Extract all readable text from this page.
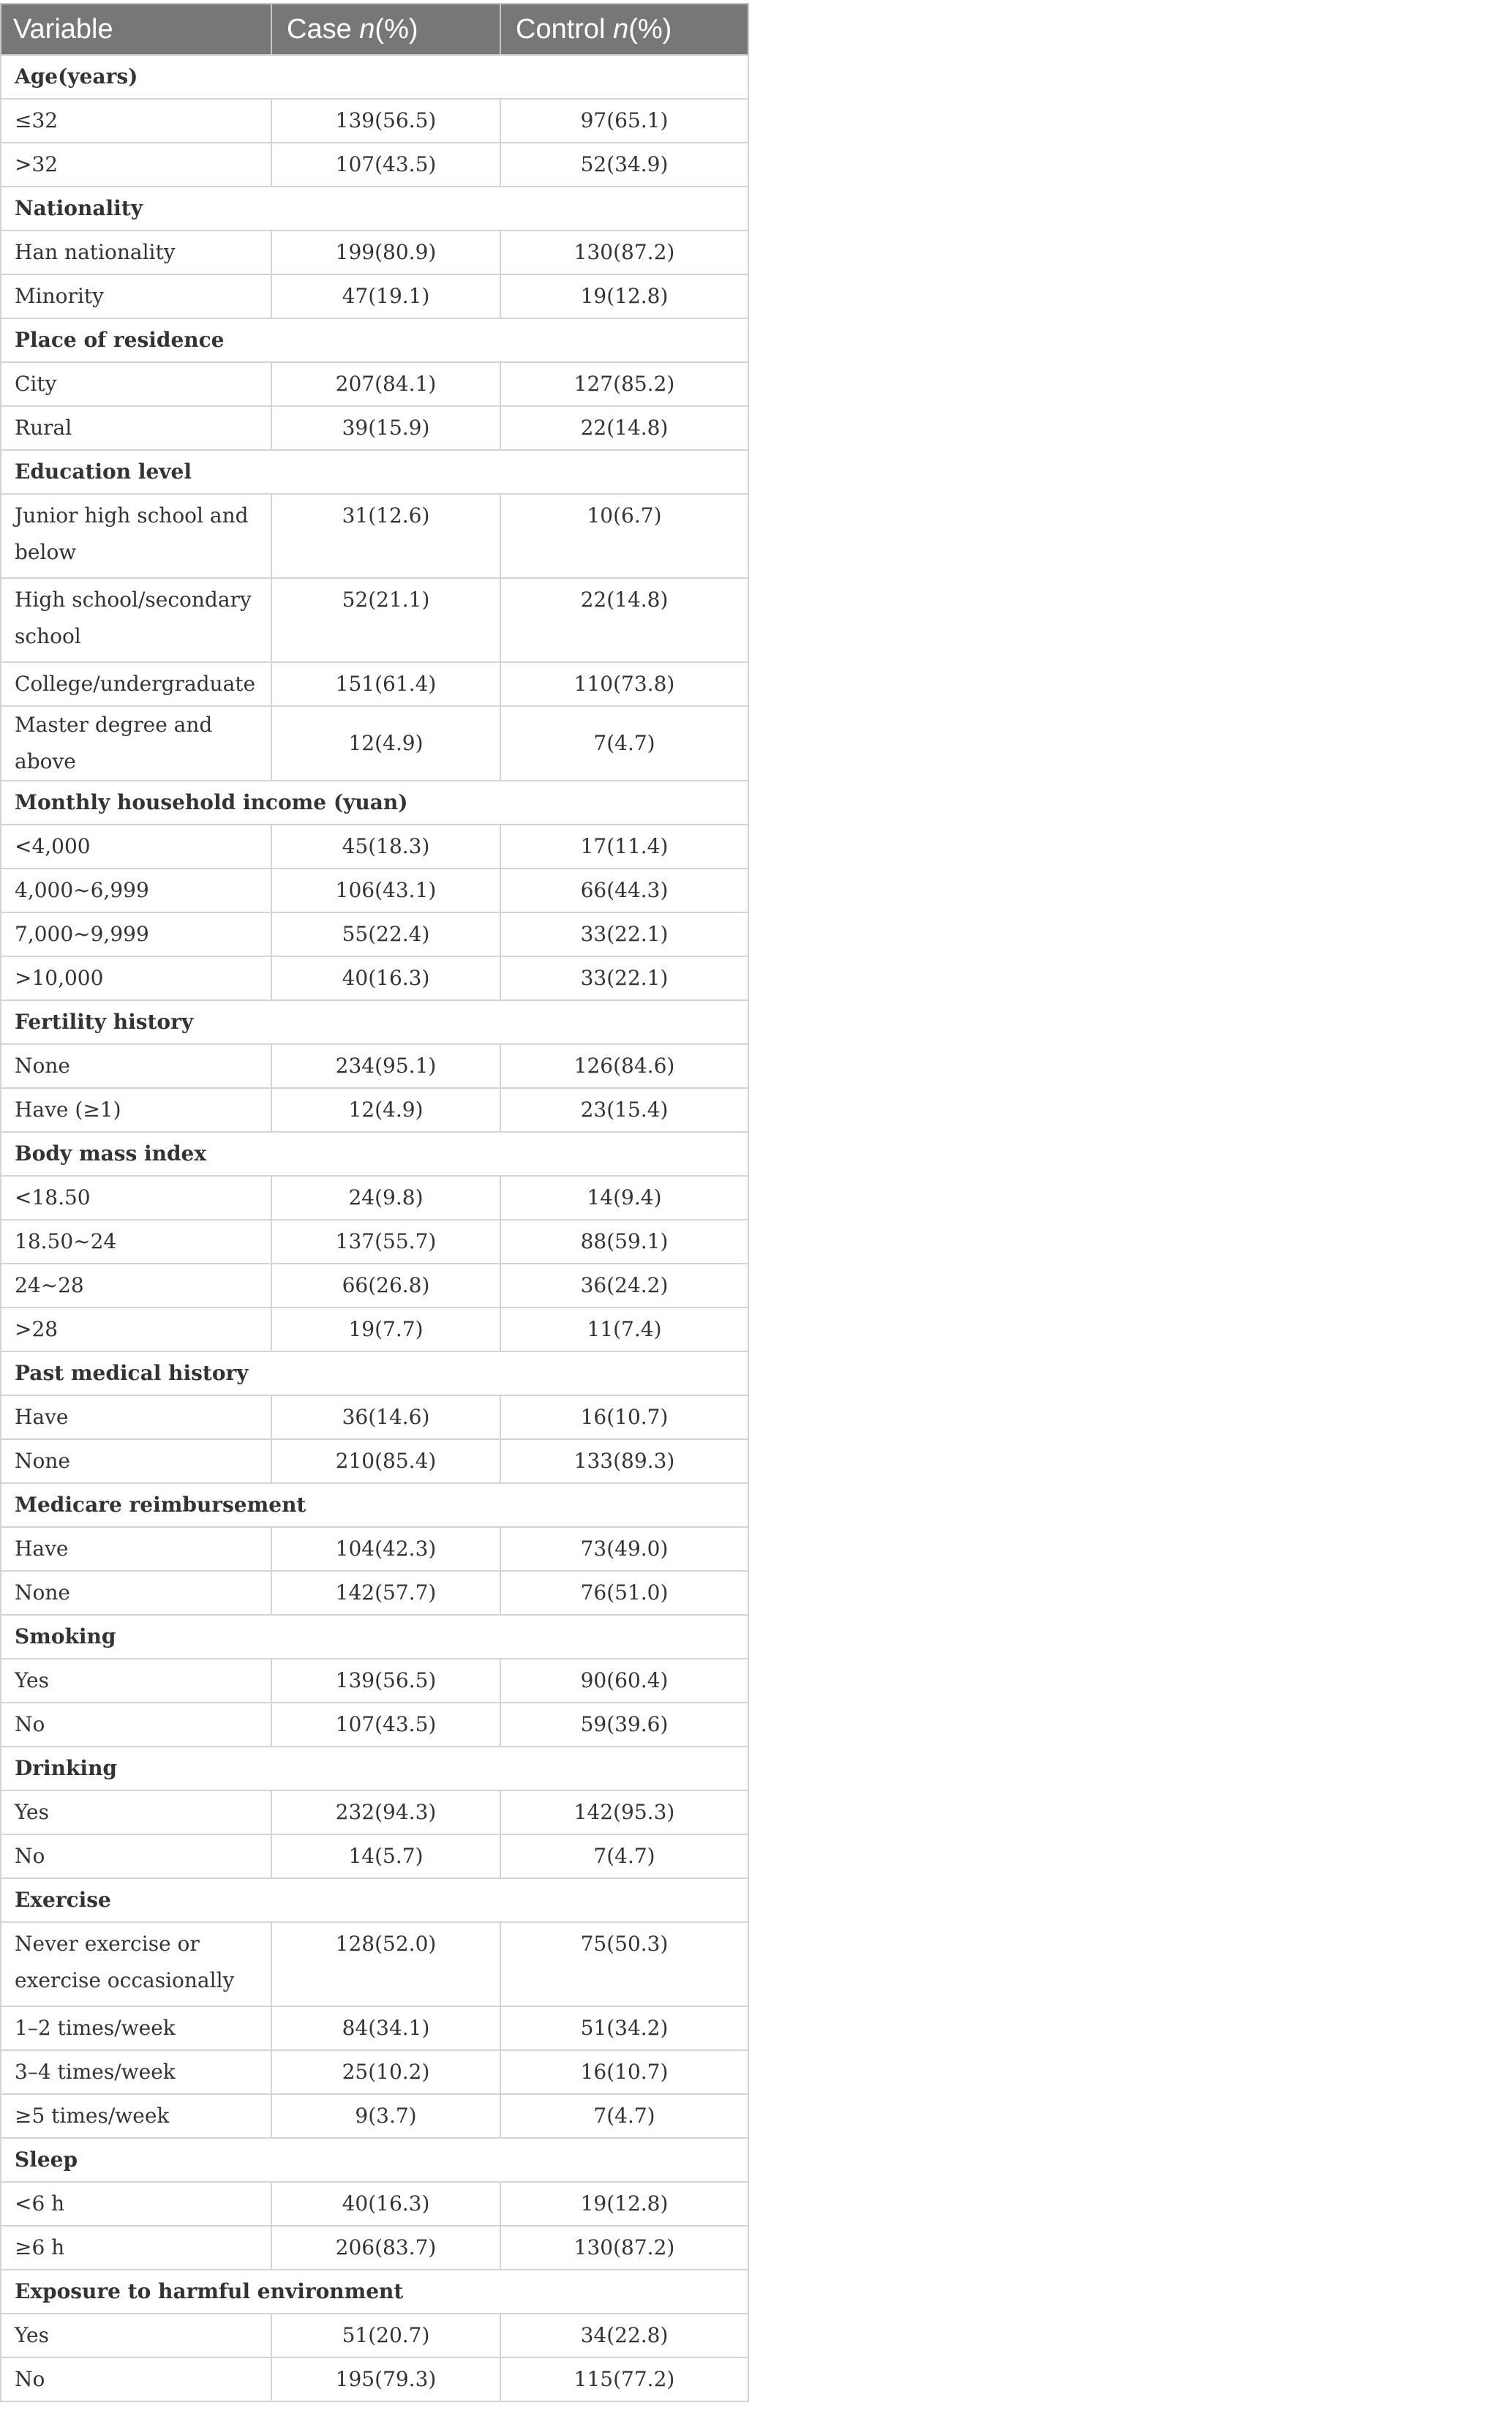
Variable	Case n(%)	Control n(%)
Age(years)		
≤32	139(56.5)	97(65.1)
>32	107(43.5)	52(34.9)
Nationality		
Han nationality	199(80.9)	130(87.2)
Minority	47(19.1)	19(12.8)
Place of residence		
City	207(84.1)	127(85.2)
Rural	39(15.9)	22(14.8)
Education level		
Junior high school and below	31(12.6)	10(6.7)
High school/secondary school	52(21.1)	22(14.8)
College/undergraduate	151(61.4)	110(73.8)
Master degree and above	12(4.9)	7(4.7)
Monthly household income (yuan)		
<4,000	45(18.3)	17(11.4)
4,000~6,999	106(43.1)	66(44.3)
7,000~9,999	55(22.4)	33(22.1)
>10,000	40(16.3)	33(22.1)
Fertility history		
None	234(95.1)	126(84.6)
Have (≥1)	12(4.9)	23(15.4)
Body mass index		
<18.50	24(9.8)	14(9.4)
18.50~24	137(55.7)	88(59.1)
24~28	66(26.8)	36(24.2)
>28	19(7.7)	11(7.4)
Past medical history		
Have	36(14.6)	16(10.7)
None	210(85.4)	133(89.3)
Medicare reimbursement		
Have	104(42.3)	73(49.0)
None	142(57.7)	76(51.0)
Smoking		
Yes	139(56.5)	90(60.4)
No	107(43.5)	59(39.6)
Drinking		
Yes	232(94.3)	142(95.3)
No	14(5.7)	7(4.7)
Exercise		
Never exercise or exercise occasionally	128(52.0)	75(50.3)
1–2 times/week	84(34.1)	51(34.2)
3–4 times/week	25(10.2)	16(10.7)
≥5 times/week	9(3.7)	7(4.7)
Sleep		
<6 h	40(16.3)	19(12.8)
≥6 h	206(83.7)	130(87.2)
Exposure to harmful environment		
Yes	51(20.7)	34(22.8)
No	195(79.3)	115(77.2)
